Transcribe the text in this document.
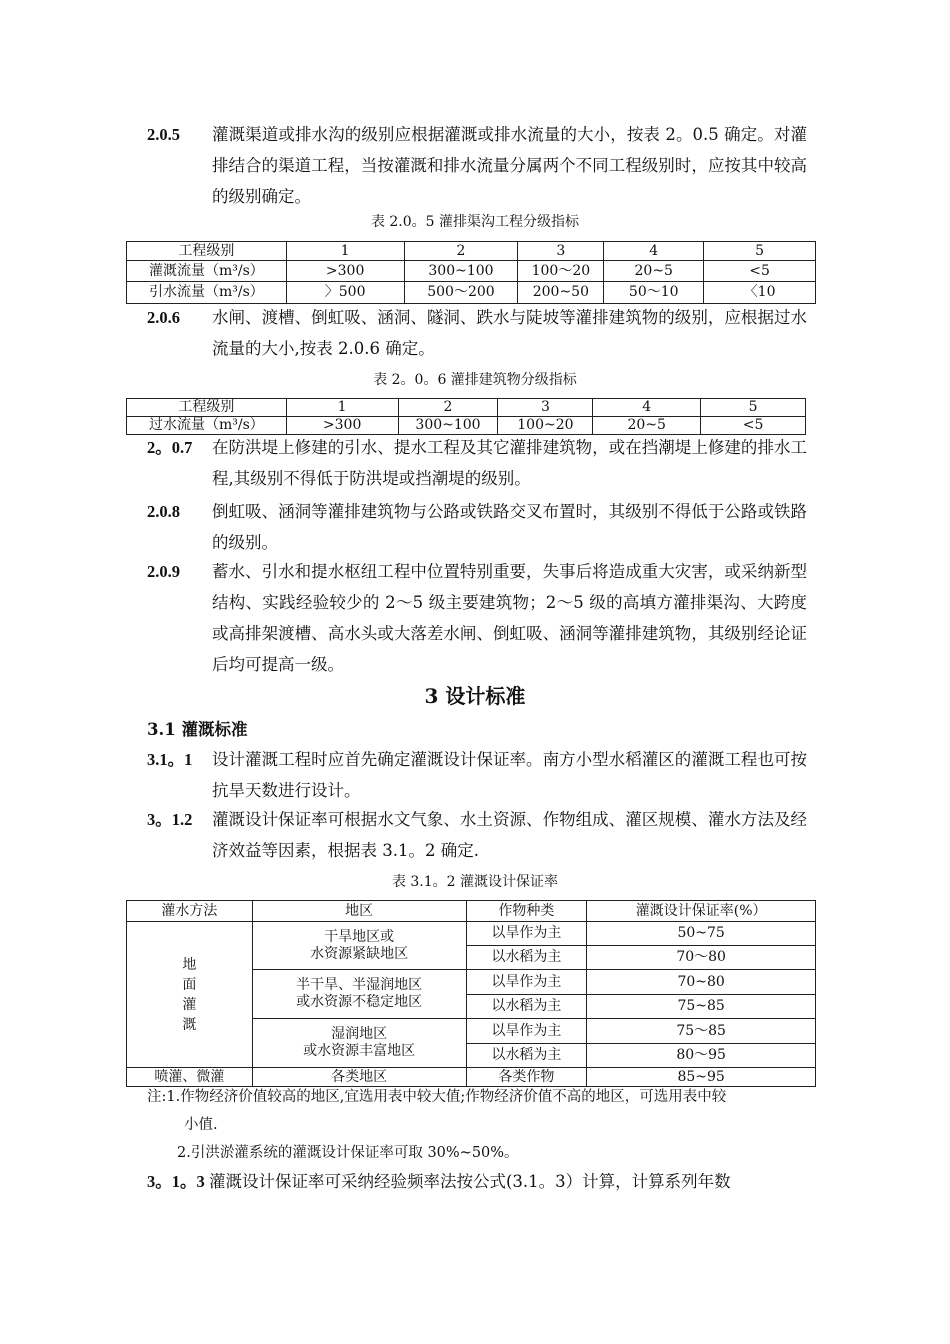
2.0.5 灌溉渠道或排水沟的级别应根据灌溉或排水流量的大小，按表 2。0.5 确定。对灌排结合的渠道工程，当按灌溉和排水流量分属两个不同工程级别时，应按其中较高的级别确定。
表 2.0。5 灌排渠沟工程分级指标
工程级别	1	2	3	4	5
灌溉流量（m³/s）	>300	300~100	100～20	20~5	<5
引水流量（m³/s）	〉500	500～200	200~50	50～10	〈10
2.0.6 水闸、渡槽、倒虹吸、涵洞、隧洞、跌水与陡坡等灌排建筑物的级别，应根据过水流量的大小,按表 2.0.6 确定。
表 2。0。6 灌排建筑物分级指标
工程级别	1	2	3	4	5
过水流量（m³/s）	>300	300~100	100~20	20~5	<5
2。0.7 在防洪堤上修建的引水、提水工程及其它灌排建筑物，或在挡潮堤上修建的排水工程,其级别不得低于防洪堤或挡潮堤的级别。
2.0.8 倒虹吸、涵洞等灌排建筑物与公路或铁路交叉布置时，其级别不得低于公路或铁路的级别。
2.0.9 蓄水、引水和提水枢纽工程中位置特别重要，失事后将造成重大灾害，或采纳新型结构、实践经验较少的 2～5 级主要建筑物；2～5 级的高填方灌排渠沟、大跨度或高排架渡槽、高水头或大落差水闸、倒虹吸、涵洞等灌排建筑物，其级别经论证后均可提高一级。
3 设计标准
3.1 灌溉标准
3.1。1 设计灌溉工程时应首先确定灌溉设计保证率。南方小型水稻灌区的灌溉工程也可按抗旱天数进行设计。
3。1.2 灌溉设计保证率可根据水文气象、水土资源、作物组成、灌区规模、灌水方法及经济效益等因素，根据表 3.1。2 确定.
表 3.1。2 灌溉设计保证率
灌水方法	地区	作物种类	灌溉设计保证率(%）

地面灌溉	干旱地区或
水资源紧缺地区	以旱作为主	50~75
		以水稻为主	70～80

	半干旱、半湿润地区
或水资源不稳定地区	以旱作为主	70~80
		以水稻为主	75~85

	湿润地区
或水资源丰富地区	以旱作为主	75～85
		以水稻为主	80～95
喷灌、微灌	各类地区	各类作物	85~95
注:1.作物经济价值较高的地区,宜选用表中较大值;作物经济价值不高的地区，可选用表中较
小值.
2.引洪淤灌系统的灌溉设计保证率可取 30%~50%。
3。1。3 灌溉设计保证率可采纳经验频率法按公式(3.1。3）计算，计算系列年数
